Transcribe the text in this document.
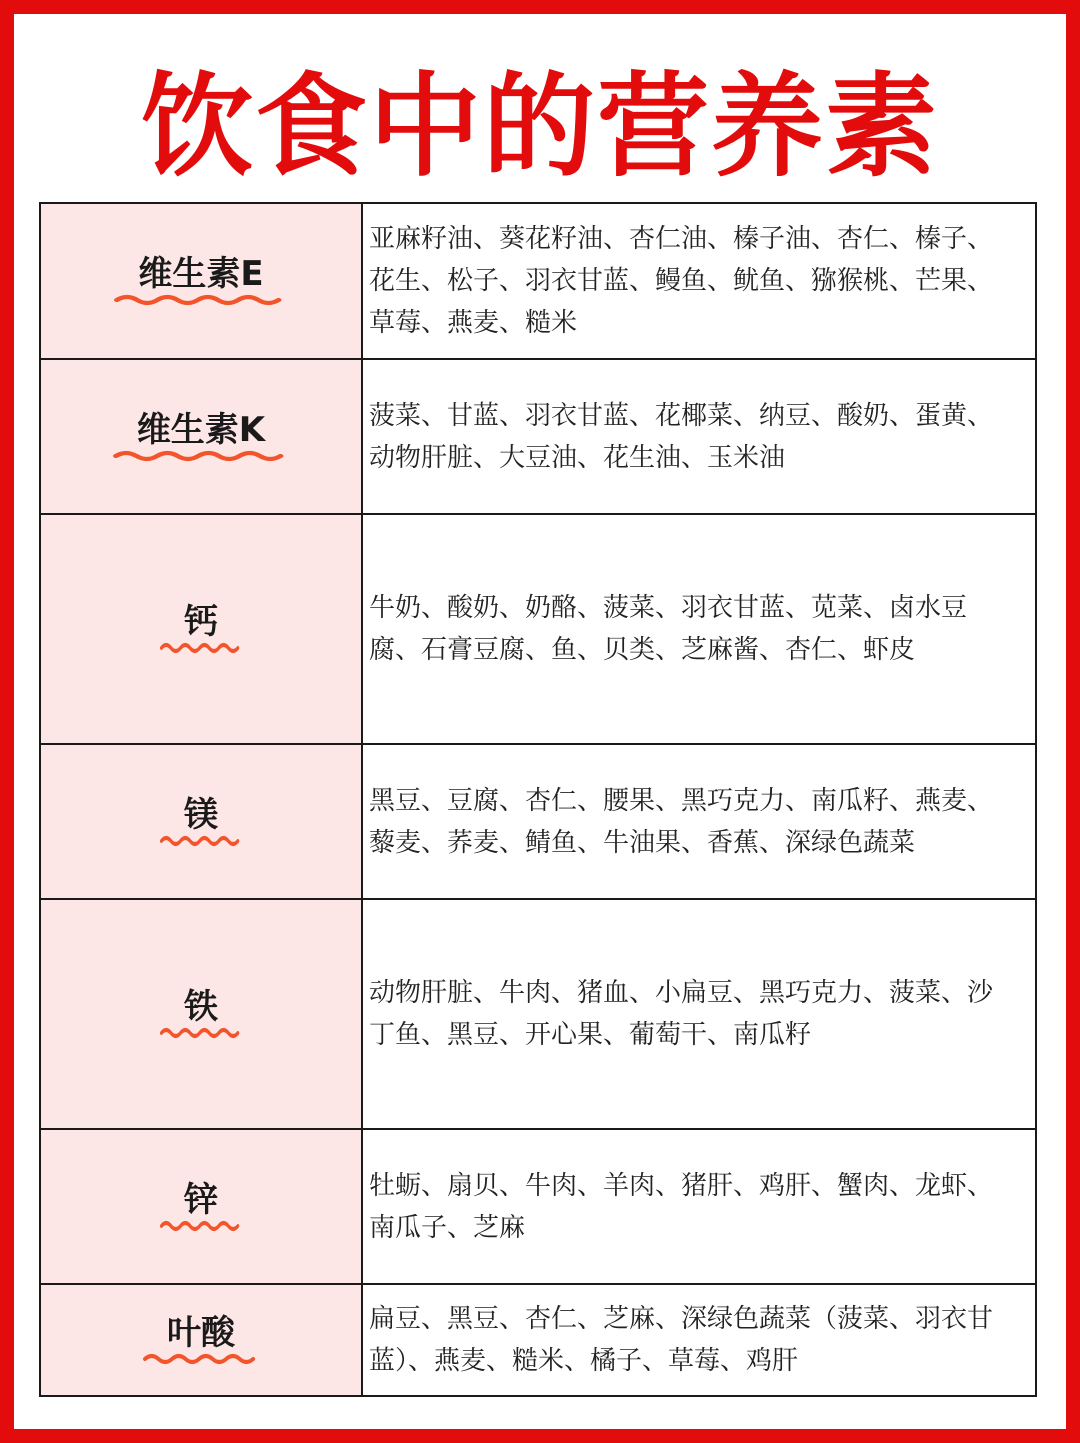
饮食中的营养素
维生素E	亚麻籽油、葵花籽油、杏仁油、榛子油、杏仁、榛子、花生、松子、羽衣甘蓝、鳗鱼、鱿鱼、猕猴桃、芒果、草莓、燕麦、糙米
维生素K	菠菜、甘蓝、羽衣甘蓝、花椰菜、纳豆、酸奶、蛋黄、动物肝脏、大豆油、花生油、玉米油
钙	牛奶、酸奶、奶酪、菠菜、羽衣甘蓝、苋菜、卤水豆腐、石膏豆腐、鱼、贝类、芝麻酱、杏仁、虾皮
镁	黑豆、豆腐、杏仁、腰果、黑巧克力、南瓜籽、燕麦、藜麦、荞麦、鲭鱼、牛油果、香蕉、深绿色蔬菜
铁	动物肝脏、牛肉、猪血、小扁豆、黑巧克力、菠菜、沙丁鱼、黑豆、开心果、葡萄干、南瓜籽
锌	牡蛎、扇贝、牛肉、羊肉、猪肝、鸡肝、蟹肉、龙虾、南瓜子、芝麻
叶酸	扁豆、黑豆、杏仁、芝麻、深绿色蔬菜（菠菜、羽衣甘蓝）、燕麦、糙米、橘子、草莓、鸡肝
